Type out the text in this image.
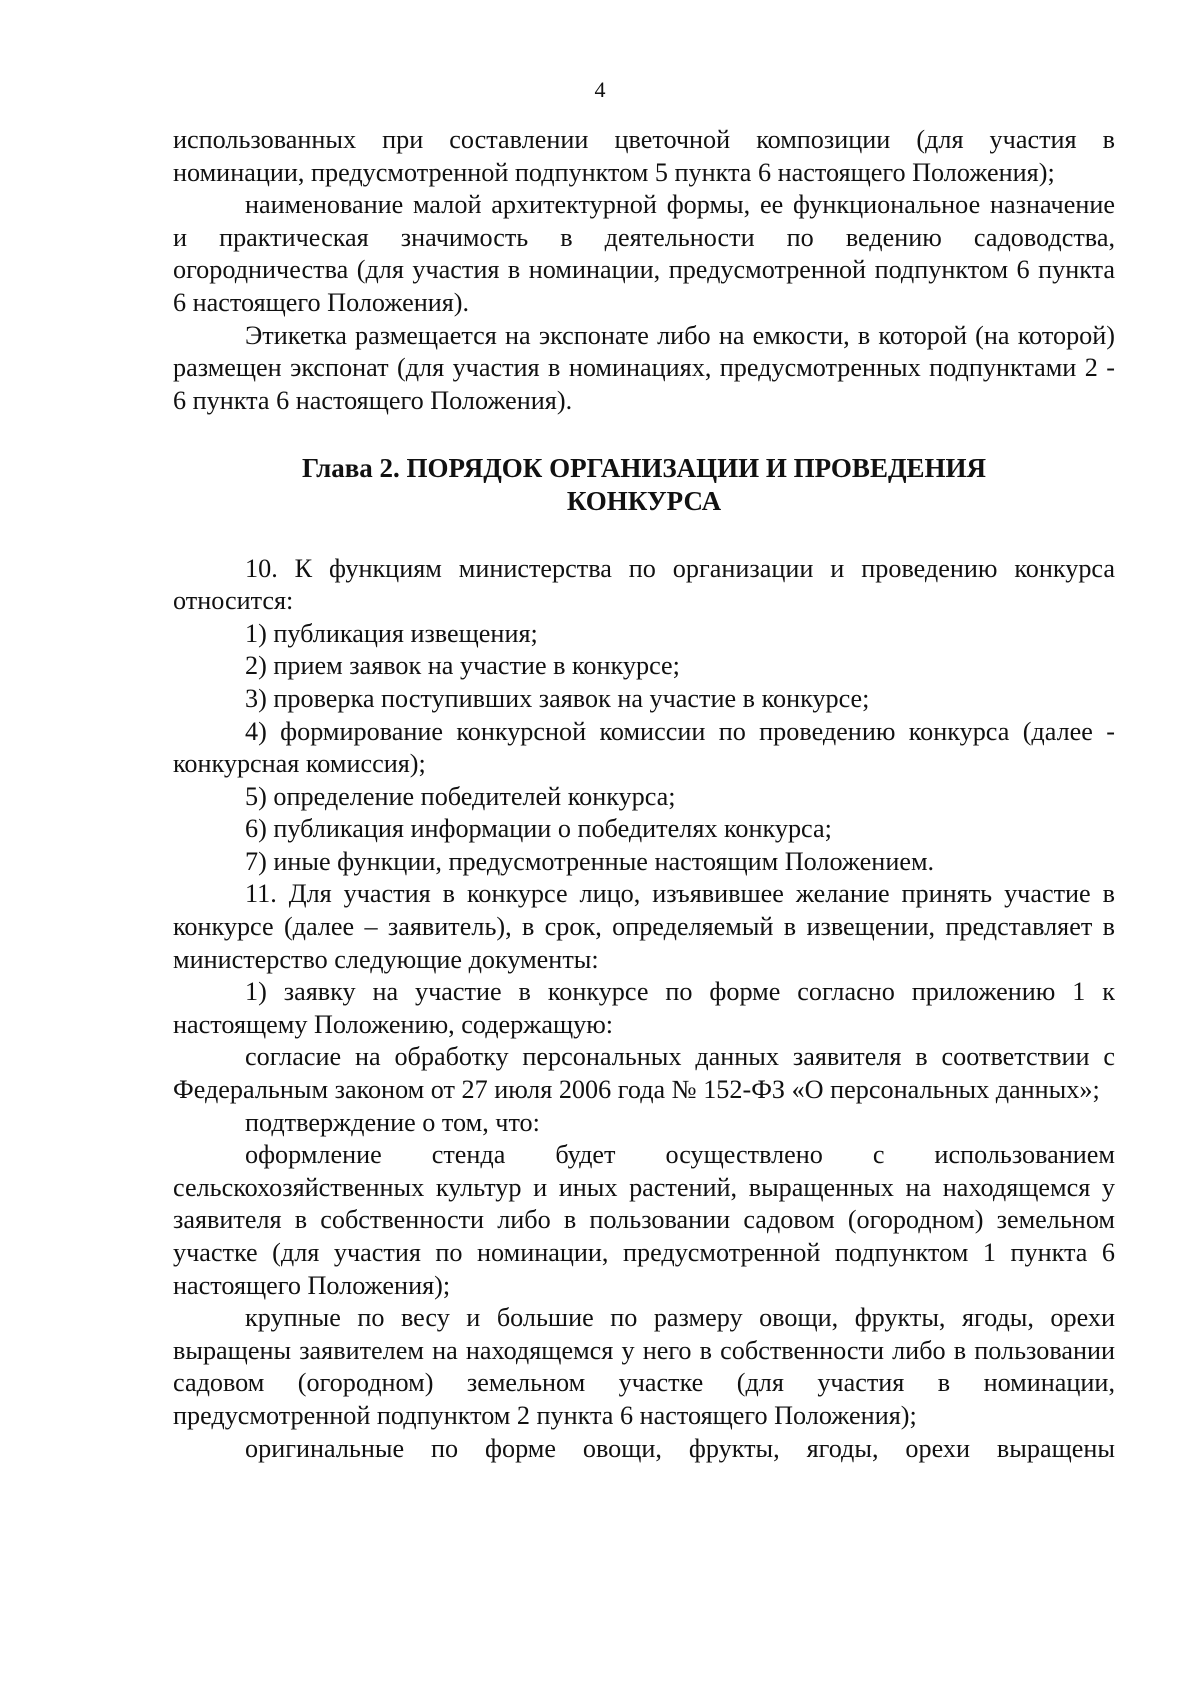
4

использованных при составлении цветочной композиции (для участия в номинации, предусмотренной подпунктом 5 пункта 6 настоящего Положения);

наименование малой архитектурной формы, ее функциональное назначение и практическая значимость в деятельности по ведению садоводства, огородничества (для участия в номинации, предусмотренной подпунктом 6 пункта 6 настоящего Положения).

Этикетка размещается на экспонате либо на емкости, в которой (на которой) размещен экспонат (для участия в номинациях, предусмотренных подпунктами 2 - 6 пункта 6 настоящего Положения).

Глава 2. ПОРЯДОК ОРГАНИЗАЦИИ И ПРОВЕДЕНИЯ
КОНКУРСА

10. К функциям министерства по организации и проведению конкурса относится:

1) публикация извещения;

2) прием заявок на участие в конкурсе;

3) проверка поступивших заявок на участие в конкурсе;

4) формирование конкурсной комиссии по проведению конкурса (далее - конкурсная комиссия);

5) определение победителей конкурса;

6) публикация информации о победителях конкурса;

7) иные функции, предусмотренные настоящим Положением.

11. Для участия в конкурсе лицо, изъявившее желание принять участие в конкурсе (далее – заявитель), в срок, определяемый в извещении, представляет в министерство следующие документы:

1) заявку на участие в конкурсе по форме согласно приложению 1 к настоящему Положению, содержащую:

согласие на обработку персональных данных заявителя в соответствии с Федеральным законом от 27 июля 2006 года № 152-ФЗ «О персональных данных»;

подтверждение о том, что:

оформление стенда будет осуществлено с использованием сельскохозяйственных культур и иных растений, выращенных на находящемся у заявителя в собственности либо в пользовании садовом (огородном) земельном участке (для участия по номинации, предусмотренной подпунктом 1 пункта 6 настоящего Положения);

крупные по весу и большие по размеру овощи, фрукты, ягоды, орехи выращены заявителем на находящемся у него в собственности либо в пользовании садовом (огородном) земельном участке (для участия в номинации, предусмотренной подпунктом 2 пункта 6 настоящего Положения);

оригинальные по форме овощи, фрукты, ягоды, орехи выращены
